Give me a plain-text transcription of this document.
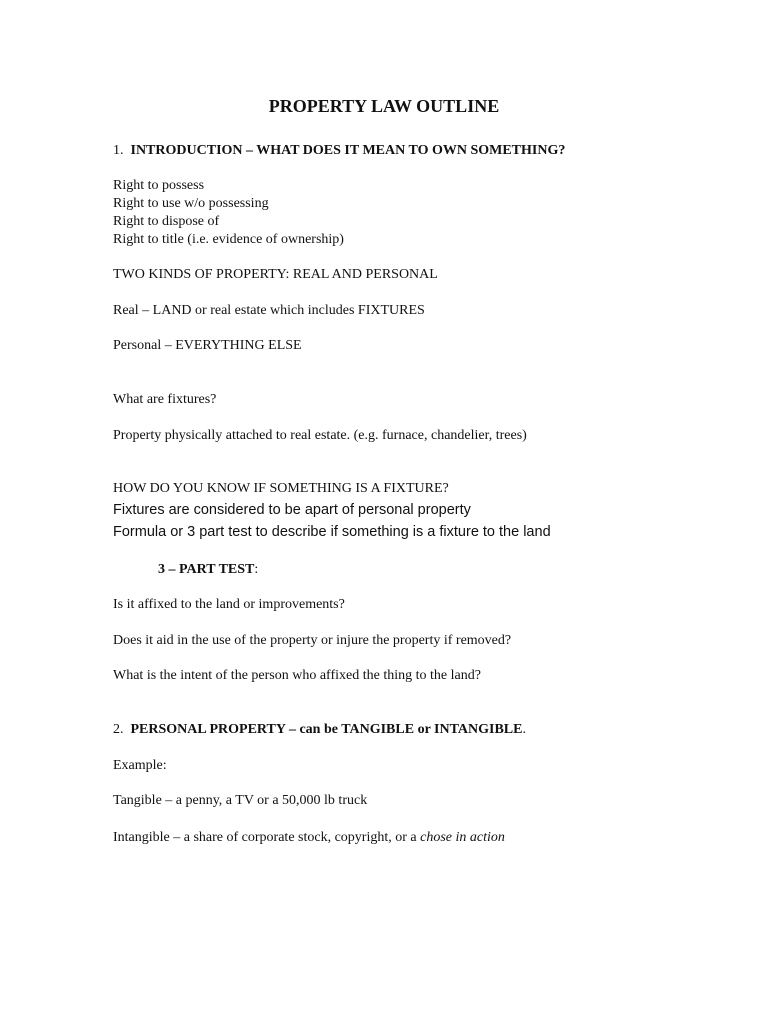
PROPERTY LAW OUTLINE
1. INTRODUCTION – WHAT DOES IT MEAN TO OWN SOMETHING?
Right to possess
Right to use w/o possessing
Right to dispose of
Right to title (i.e. evidence of ownership)
TWO KINDS OF PROPERTY: REAL AND PERSONAL
Real – LAND or real estate which includes FIXTURES
Personal – EVERYTHING ELSE
What are fixtures?
Property physically attached to real estate. (e.g. furnace, chandelier, trees)
HOW DO YOU KNOW IF SOMETHING IS A FIXTURE?
Fixtures are considered to be apart of personal property
Formula or 3 part test to describe if something is a fixture to the land
3 – PART TEST:
Is it affixed to the land or improvements?
Does it aid in the use of the property or injure the property if removed?
What is the intent of the person who affixed the thing to the land?
2. PERSONAL PROPERTY – can be TANGIBLE or INTANGIBLE.
Example:
Tangible – a penny, a TV or a 50,000 lb truck
Intangible – a share of corporate stock, copyright, or a chose in action
